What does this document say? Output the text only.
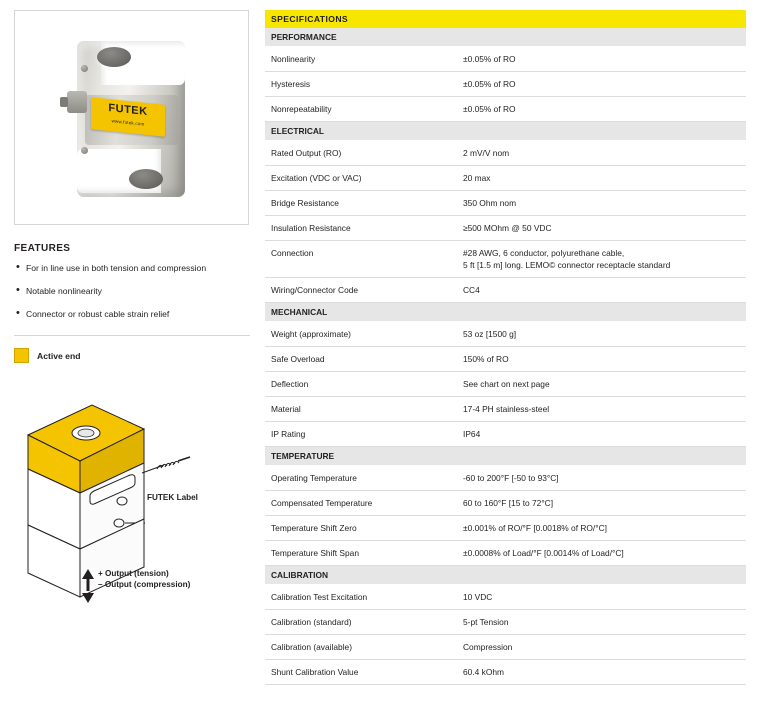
FUTEK
www.futek.com
FEATURES
• For in line use in both tension and compression
• Notable nonlinearity
• Connector or robust cable strain relief
Active end
FUTEK Label
+ Output (tension)
– Output (compression)
SPECIFICATIONS	
PERFORMANCE	
Nonlinearity	±0.05% of RO
Hysteresis	±0.05% of RO
Nonrepeatability	±0.05% of RO
ELECTRICAL	
Rated Output (RO)	2 mV/V nom
Excitation (VDC or VAC)	20 max
Bridge Resistance	350 Ohm nom
Insulation Resistance	≥500 MOhm @ 50 VDC
Connection	#28 AWG, 6 conductor, polyurethane cable,
5 ft [1.5 m] long. LEMO© connector receptacle standard

Wiring/Connector Code	CC4
MECHANICAL	
Weight (approximate)	53 oz [1500 g]
Safe Overload	150% of RO
Deflection	See chart on next page
Material	17-4 PH stainless-steel
IP Rating	IP64
TEMPERATURE	
Operating Temperature	-60 to 200°F [-50 to 93°C]
Compensated Temperature	60 to 160°F [15 to 72°C]
Temperature Shift Zero	±0.001% of RO/°F [0.0018% of RO/°C]
Temperature Shift Span	±0.0008% of Load/°F [0.0014% of Load/°C]
CALIBRATION	
Calibration Test Excitation	10 VDC
Calibration (standard)	5-pt Tension
Calibration (available)	Compression
Shunt Calibration Value	60.4 kOhm
